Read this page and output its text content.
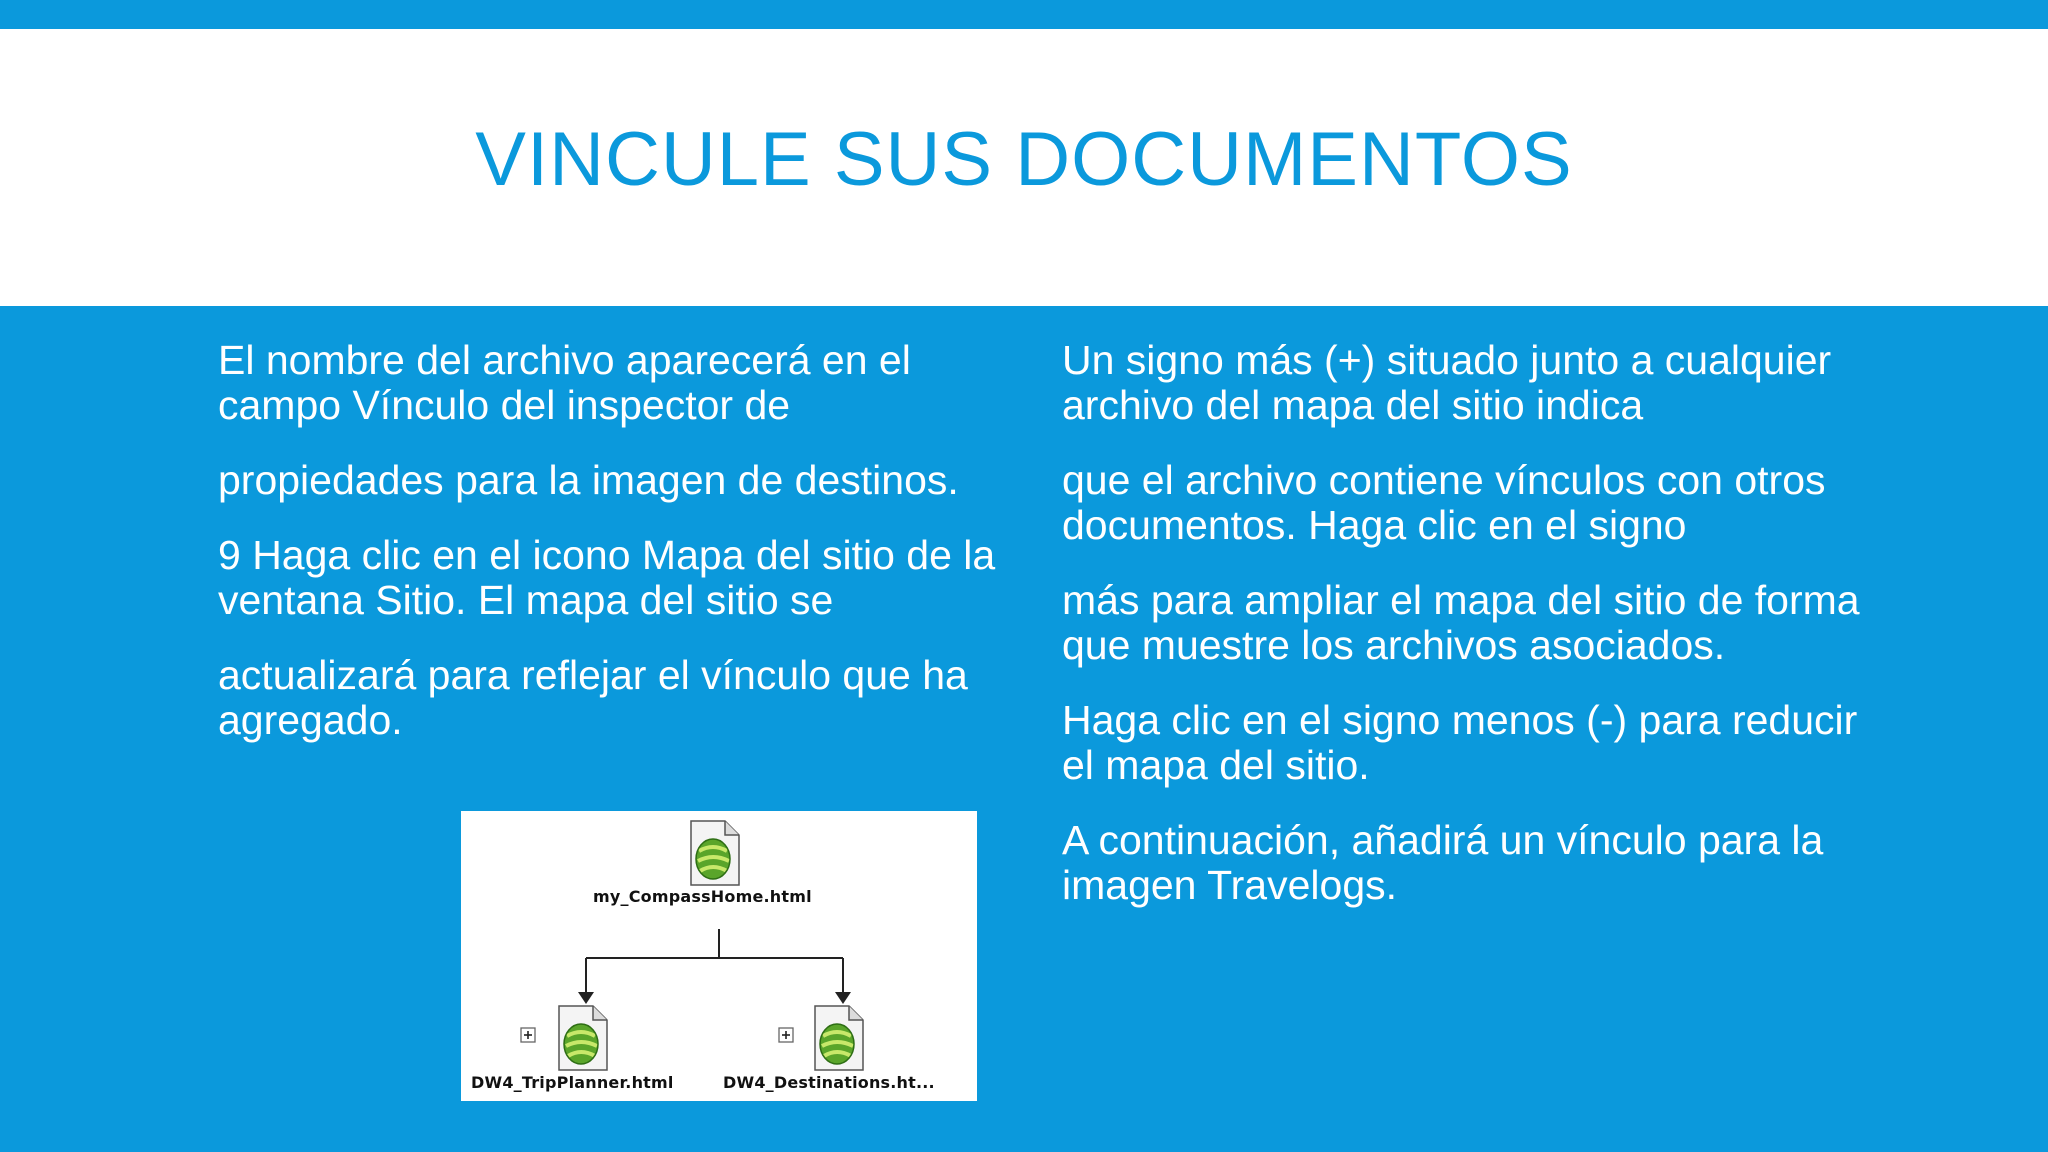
VINCULE SUS DOCUMENTOS

El nombre del archivo aparecerá en el campo Vínculo del inspector de

propiedades para la imagen de destinos.

9 Haga clic en el icono Mapa del sitio de la ventana Sitio. El mapa del sitio se

actualizará para reflejar el vínculo que ha agregado.

Un signo más (+) situado junto a cualquier archivo del mapa del sitio indica

que el archivo contiene vínculos con otros documentos. Haga clic en el signo

más para ampliar el mapa del sitio de forma que muestre los archivos asociados.

Haga clic en el signo menos (-) para reducir el mapa del sitio.

A continuación, añadirá un vínculo para la imagen Travelogs.

my_CompassHome.html
DW4_TripPlanner.html	DW4_Destinations.ht...
